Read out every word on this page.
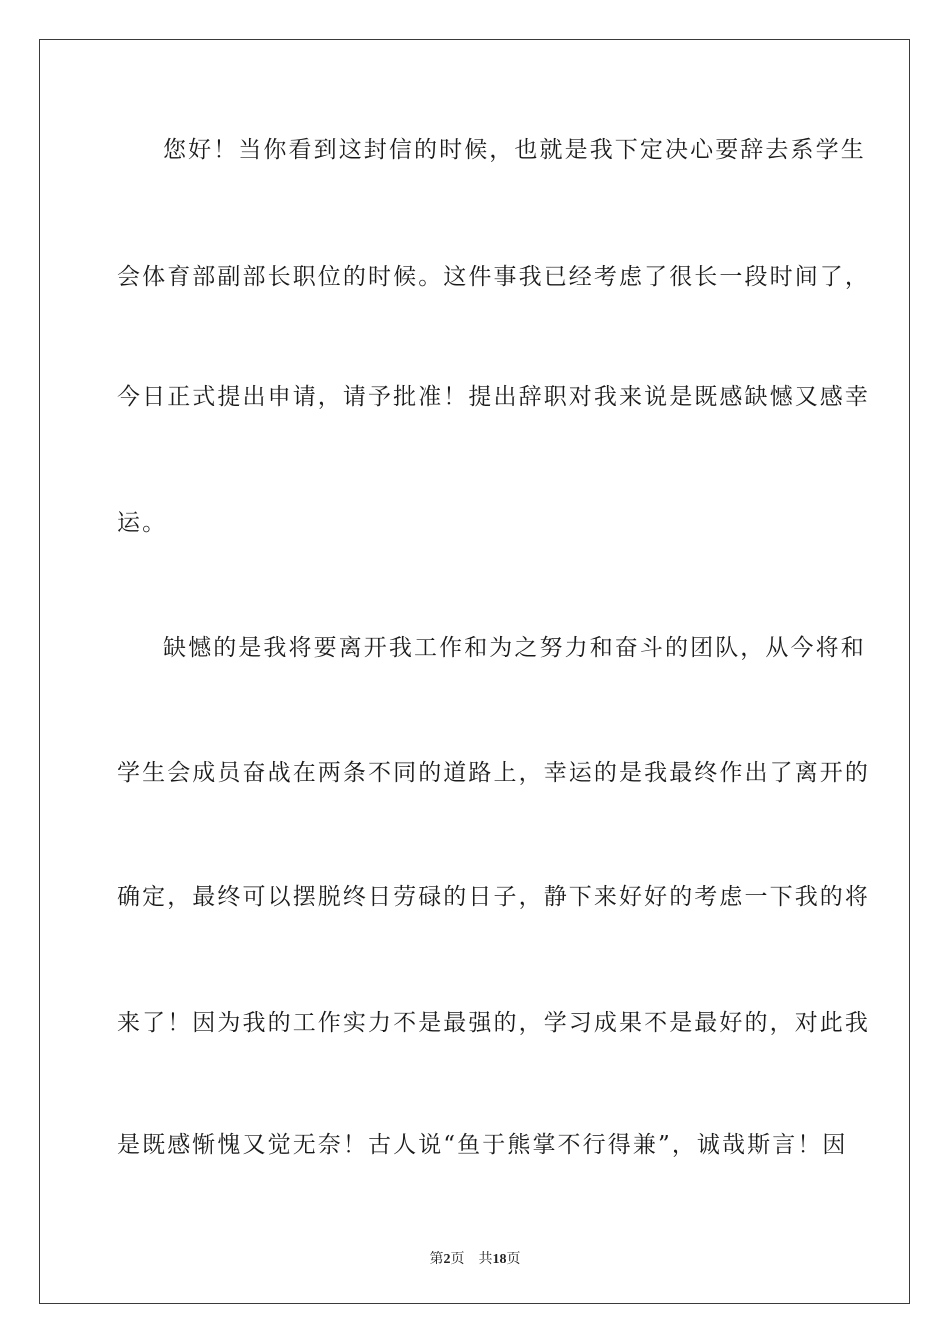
您好！当你看到这封信的时候，也就是我下定决心要辞去系学生
会体育部副部长职位的时候。这件事我已经考虑了很长一段时间了，
今日正式提出申请，请予批准！提出辞职对我来说是既感缺憾又感幸
运。
缺憾的是我将要离开我工作和为之努力和奋斗的团队，从今将和
学生会成员奋战在两条不同的道路上，幸运的是我最终作出了离开的
确定，最终可以摆脱终日劳碌的日子，静下来好好的考虑一下我的将
来了！因为我的工作实力不是最强的，学习成果不是最好的，对此我
是既感惭愧又觉无奈！古人说“鱼于熊掌不行得兼”，诚哉斯言！因
第2页 共18页
